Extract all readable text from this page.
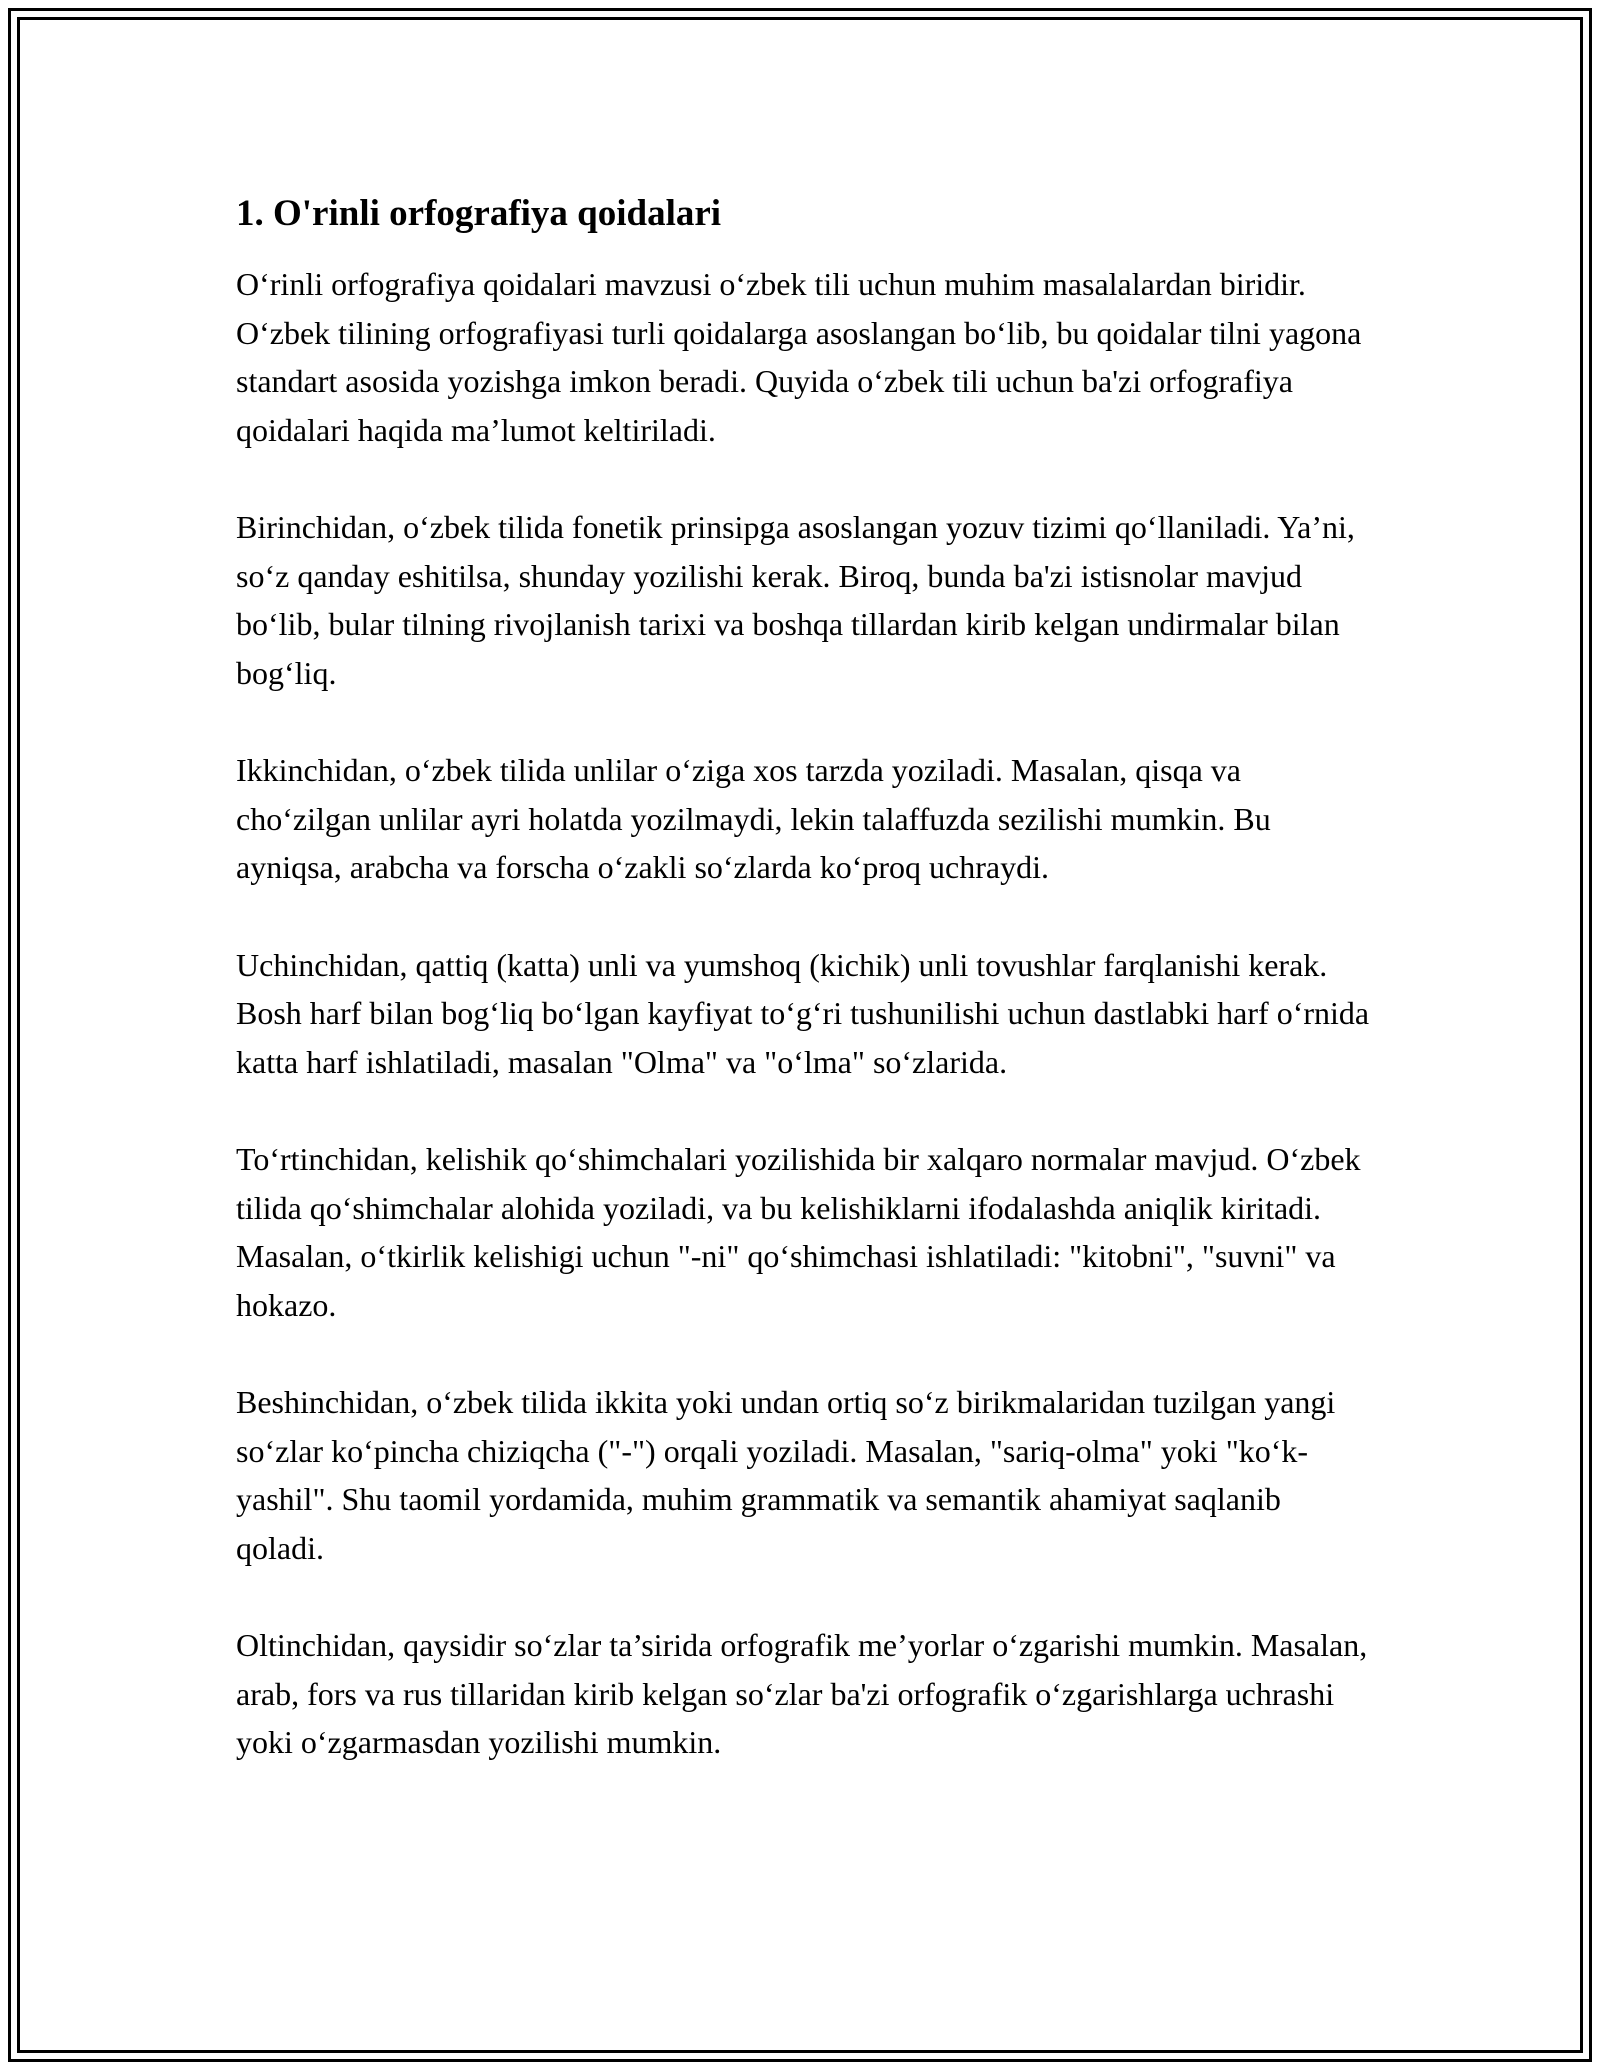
1. O'rinli orfografiya qoidalari

O‘rinli orfografiya qoidalari mavzusi o‘zbek tili uchun muhim masalalardan biridir. O‘zbek tilining orfografiyasi turli qoidalarga asoslangan bo‘lib, bu qoidalar tilni yagona standart asosida yozishga imkon beradi. Quyida o‘zbek tili uchun ba'zi orfografiya qoidalari haqida ma’lumot keltiriladi.

Birinchidan, o‘zbek tilida fonetik prinsipga asoslangan yozuv tizimi qo‘llaniladi. Ya’ni, so‘z qanday eshitilsa, shunday yozilishi kerak. Biroq, bunda ba'zi istisnolar mavjud bo‘lib, bular tilning rivojlanish tarixi va boshqa tillardan kirib kelgan undirmalar bilan bog‘liq.

Ikkinchidan, o‘zbek tilida unlilar o‘ziga xos tarzda yoziladi. Masalan, qisqa va cho‘zilgan unlilar ayri holatda yozilmaydi, lekin talaffuzda sezilishi mumkin. Bu ayniqsa, arabcha va forscha o‘zakli so‘zlarda ko‘proq uchraydi.

Uchinchidan, qattiq (katta) unli va yumshoq (kichik) unli tovushlar farqlanishi kerak. Bosh harf bilan bog‘liq bo‘lgan kayfiyat to‘g‘ri tushunilishi uchun dastlabki harf o‘rnida katta harf ishlatiladi, masalan "Olma" va "o‘lma" so‘zlarida.

To‘rtinchidan, kelishik qo‘shimchalari yozilishida bir xalqaro normalar mavjud. O‘zbek tilida qo‘shimchalar alohida yoziladi, va bu kelishiklarni ifodalashda aniqlik kiritadi. Masalan, o‘tkirlik kelishigi uchun "-ni" qo‘shimchasi ishlatiladi: "kitobni", "suvni" va hokazo.

Beshinchidan, o‘zbek tilida ikkita yoki undan ortiq so‘z birikmalaridan tuzilgan yangi so‘zlar ko‘pincha chiziqcha ("-") orqali yoziladi. Masalan, "sariq-olma" yoki "ko‘k-yashil". Shu taomil yordamida, muhim grammatik va semantik ahamiyat saqlanib qoladi.

Oltinchidan, qaysidir so‘zlar ta’sirida orfografik me’yorlar o‘zgarishi mumkin. Masalan, arab, fors va rus tillaridan kirib kelgan so‘zlar ba'zi orfografik o‘zgarishlarga uchrashi yoki o‘zgarmasdan yozilishi mumkin.
